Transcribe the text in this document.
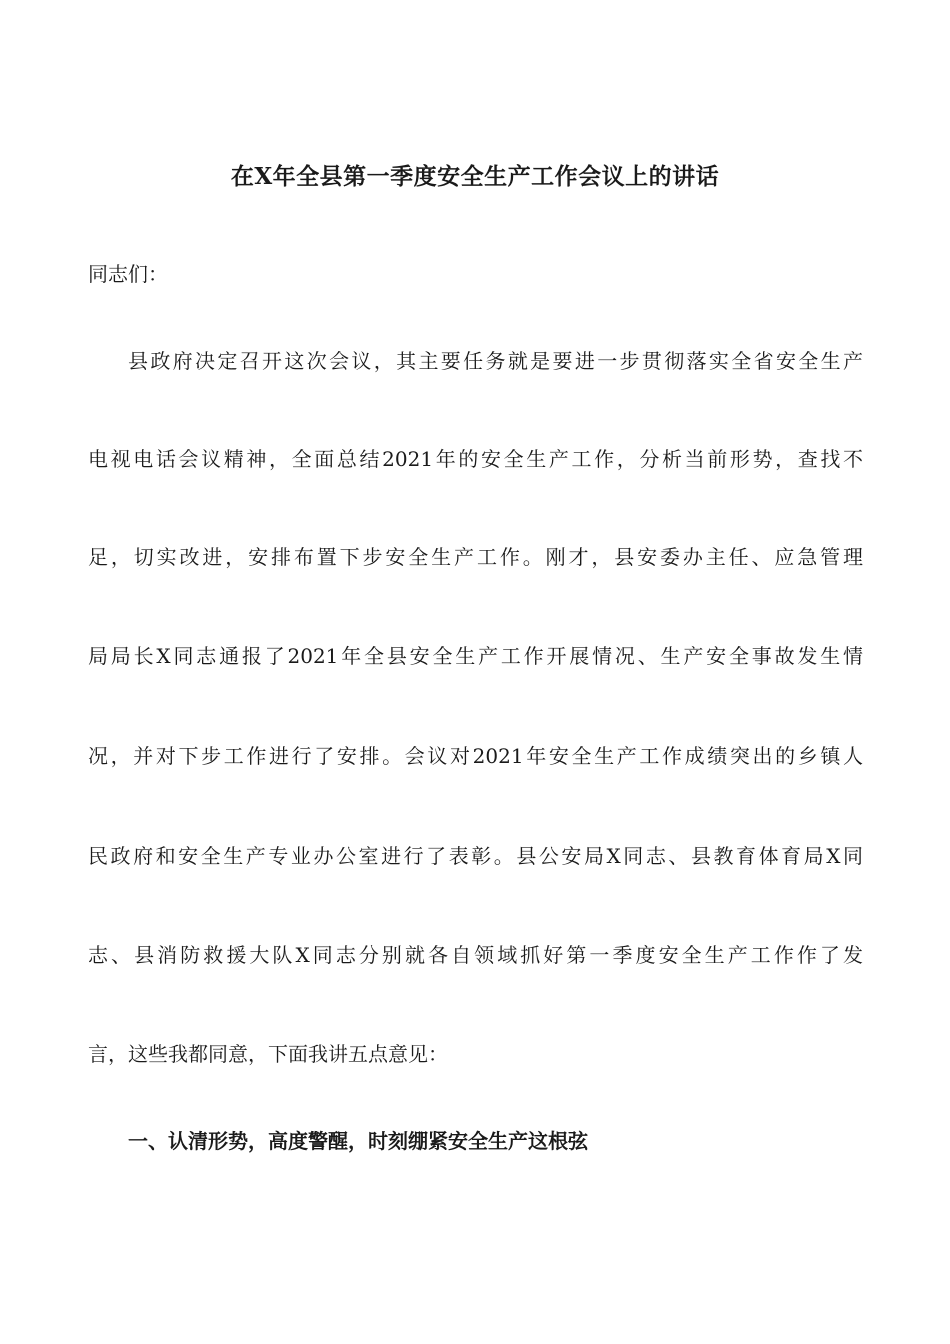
在X年全县第一季度安全生产工作会议上的讲话
同志们：
县政府决定召开这次会议，其主要任务就是要进一步贯彻落实全省安全生产
电视电话会议精神，全面总结2021年的安全生产工作，分析当前形势，查找不
足，切实改进，安排布置下步安全生产工作。刚才，县安委办主任、应急管理
局局长X同志通报了2021年全县安全生产工作开展情况、生产安全事故发生情
况，并对下步工作进行了安排。会议对2021年安全生产工作成绩突出的乡镇人
民政府和安全生产专业办公室进行了表彰。县公安局X同志、县教育体育局X同
志、县消防救援大队X同志分别就各自领域抓好第一季度安全生产工作作了发
言，这些我都同意，下面我讲五点意见：
一、认清形势，高度警醒，时刻绷紧安全生产这根弦
